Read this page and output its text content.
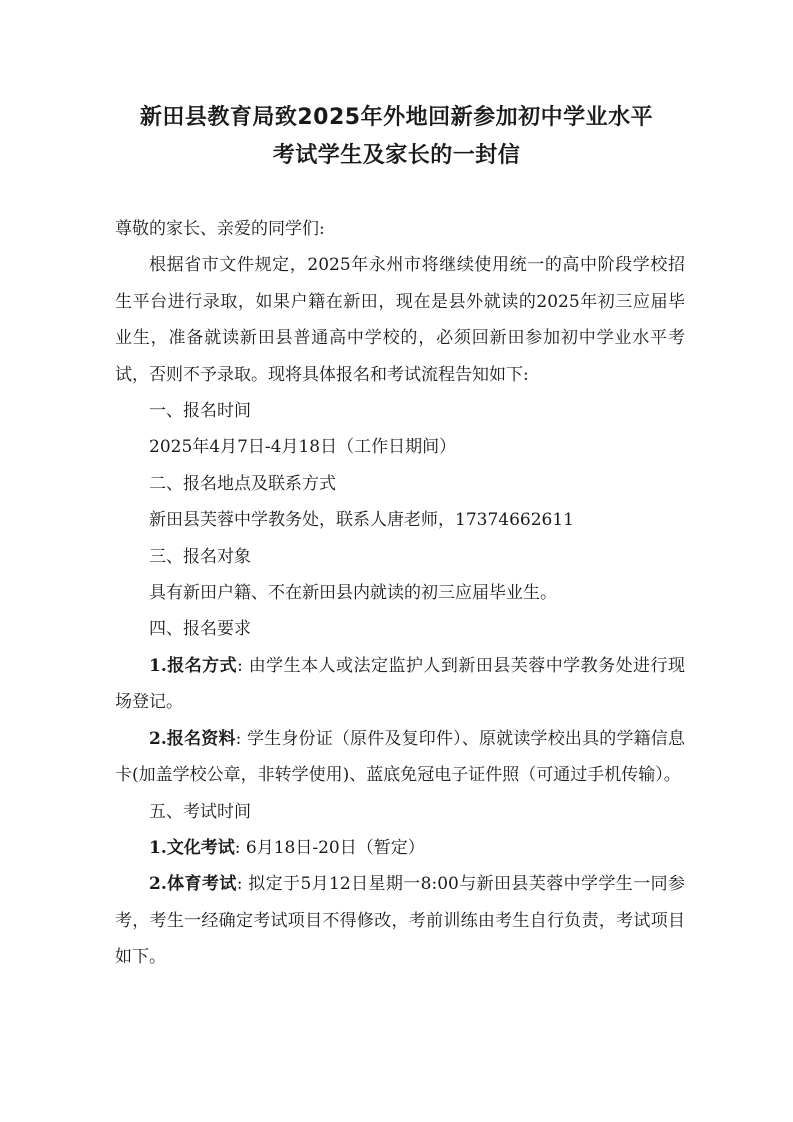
新田县教育局致2025年外地回新参加初中学业水平
考试学生及家长的一封信

尊敬的家长、亲爱的同学们:

根据省市文件规定，2025年永州市将继续使用统一的高中阶段学校招生平台进行录取，如果户籍在新田，现在是县外就读的2025年初三应届毕业生，准备就读新田县普通高中学校的，必须回新田参加初中学业水平考试，否则不予录取。现将具体报名和考试流程告知如下:

一、报名时间

2025年4月7日-4月18日（工作日期间）

二、报名地点及联系方式

新田县芙蓉中学教务处，联系人唐老师，17374662611

三、报名对象

具有新田户籍、不在新田县内就读的初三应届毕业生。

四、报名要求

1.报名方式: 由学生本人或法定监护人到新田县芙蓉中学教务处进行现场登记。

2.报名资料: 学生身份证（原件及复印件）、原就读学校出具的学籍信息卡(加盖学校公章，非转学使用)、蓝底免冠电子证件照（可通过手机传输）。

五、考试时间

1.文化考试: 6月18日-20日（暂定）

2.体育考试: 拟定于5月12日星期一8:00与新田县芙蓉中学学生一同参考，考生一经确定考试项目不得修改，考前训练由考生自行负责，考试项目如下。
